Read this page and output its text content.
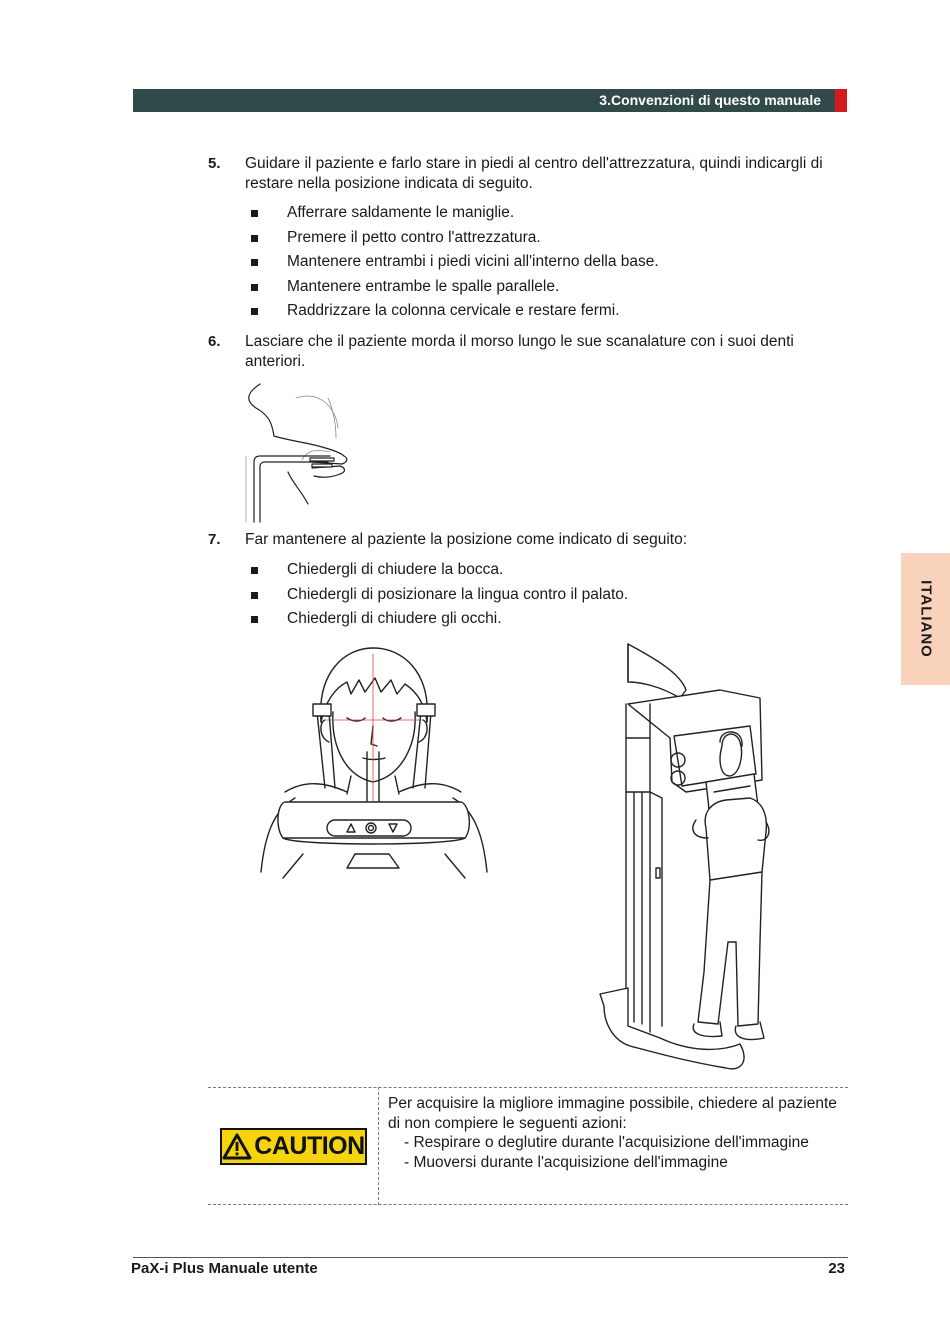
3.Convenzioni di questo manuale
ITALIANO
5. Guidare il paziente e farlo stare in piedi al centro dell'attrezzatura, quindi indicargli di restare nella posizione indicata di seguito.
Afferrare saldamente le maniglie.
Premere il petto contro l'attrezzatura.
Mantenere entrambi i piedi vicini all'interno della base.
Mantenere entrambe le spalle parallele.
Raddrizzare la colonna cervicale e restare fermi.
6. Lasciare che il paziente morda il morso lungo le sue scanalature con i suoi denti anteriori.
7. Far mantenere al paziente la posizione come indicato di seguito:
Chiedergli di chiudere la bocca.
Chiedergli di posizionare la lingua contro il palato.
Chiedergli di chiudere gli occhi.
CAUTION

Per acquisire la migliore immagine possibile, chiedere al paziente di non compiere le seguenti azioni:

- Respirare o deglutire durante l'acquisizione dell'immagine

- Muoversi durante l'acquisizione dell'immagine

PaX-i Plus Manuale utente	23
